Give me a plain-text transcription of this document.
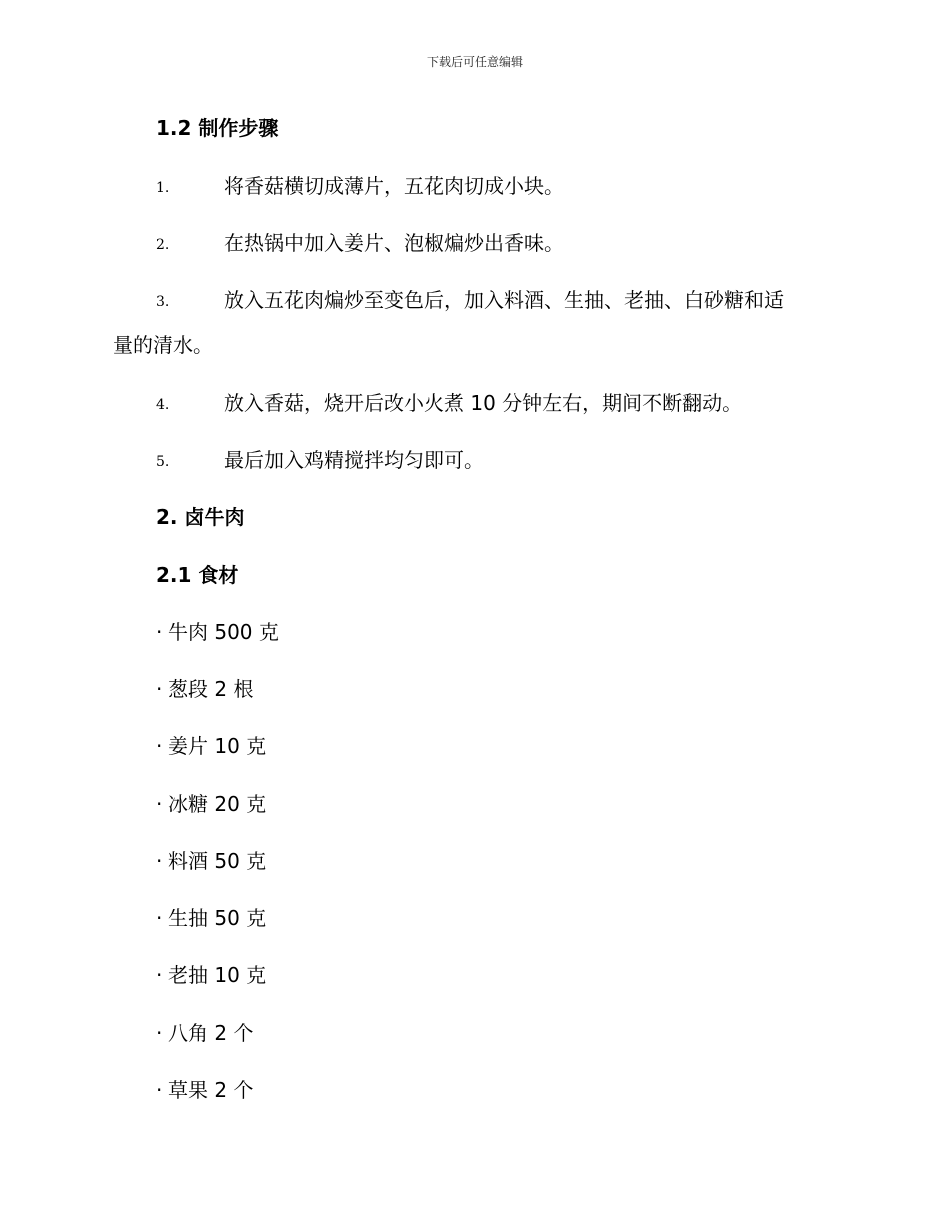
下载后可任意编辑
1.2 制作步骤
1.	将香菇横切成薄片，五花肉切成小块。
2.	在热锅中加入姜片、泡椒煸炒出香味。
3.	放入五花肉煸炒至变色后，加入料酒、生抽、老抽、白砂糖和适
量的清水。
4.	放入香菇，烧开后改小火煮 10 分钟左右，期间不断翻动。
5.	最后加入鸡精搅拌均匀即可。
2. 卤牛肉
2.1 食材
· 牛肉 500 克
· 葱段 2 根
· 姜片 10 克
· 冰糖 20 克
· 料酒 50 克
· 生抽 50 克
· 老抽 10 克
· 八角 2 个
· 草果 2 个
